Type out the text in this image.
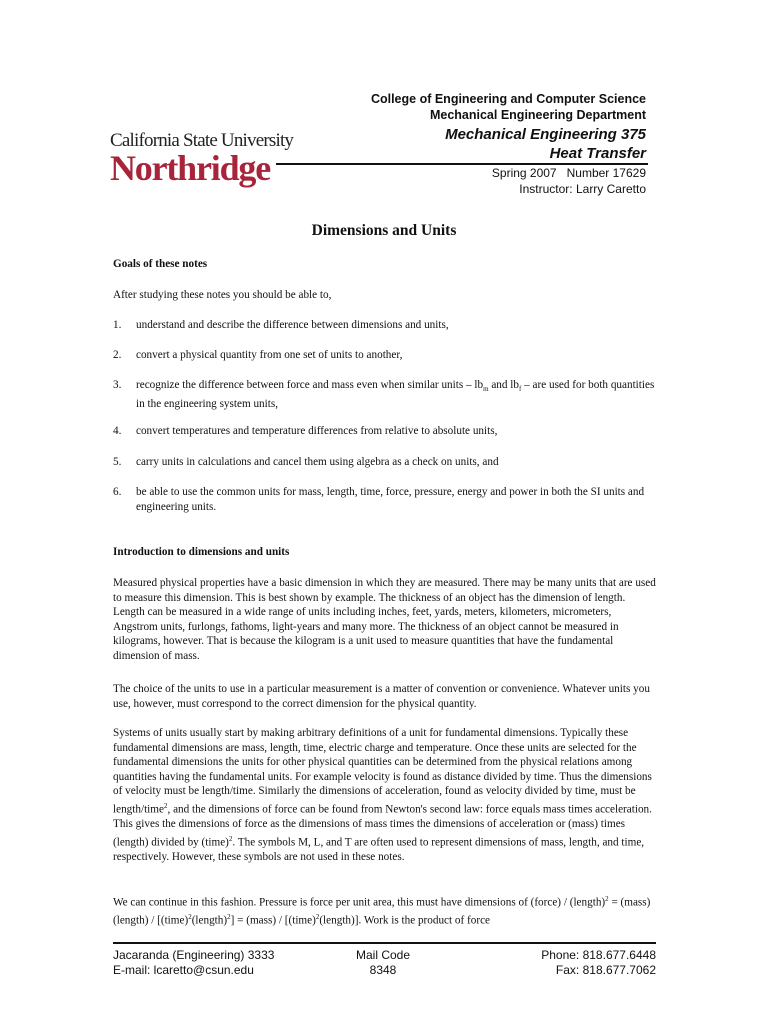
College of Engineering and Computer Science
Mechanical Engineering Department
California State University
Northridge
Mechanical Engineering 375
Heat Transfer
Spring 2007   Number 17629
Instructor: Larry Caretto
Dimensions and Units
Goals of these notes
After studying these notes you should be able to,
1. understand and describe the difference between dimensions and units,
2. convert a physical quantity from one set of units to another,
3. recognize the difference between force and mass even when similar units – $lb_m$ and $lb_f$ – are used for both quantities in the engineering system units,
4. convert temperatures and temperature differences from relative to absolute units,
5. carry units in calculations and cancel them using algebra as a check on units, and
6. be able to use the common units for mass, length, time, force, pressure, energy and power in both the SI units and engineering units.
Introduction to dimensions and units
Measured physical properties have a basic dimension in which they are measured. There may be many units that are used to measure this dimension. This is best shown by example. The thickness of an object has the dimension of length. Length can be measured in a wide range of units including inches, feet, yards, meters, kilometers, micrometers, Angstrom units, furlongs, fathoms, light-years and many more. The thickness of an object cannot be measured in kilograms, however. That is because the kilogram is a unit used to measure quantities that have the fundamental dimension of mass.
The choice of the units to use in a particular measurement is a matter of convention or convenience. Whatever units you use, however, must correspond to the correct dimension for the physical quantity.
Systems of units usually start by making arbitrary definitions of a unit for fundamental dimensions. Typically these fundamental dimensions are mass, length, time, electric charge and temperature. Once these units are selected for the fundamental dimensions the units for other physical quantities can be determined from the physical relations among quantities having the fundamental units. For example velocity is found as distance divided by time. Thus the dimensions of velocity must be length/time. Similarly the dimensions of acceleration, found as velocity divided by time, must be length/time$^2$, and the dimensions of force can be found from Newton's second law: force equals mass times acceleration. This gives the dimensions of force as the dimensions of mass times the dimensions of acceleration or (mass) times (length) divided by (time)$^2$. The symbols M, L, and T are often used to represent dimensions of mass, length, and time, respectively. However, these symbols are not used in these notes.
We can continue in this fashion. Pressure is force per unit area, this must have dimensions of (force) / (length)$^2$ = (mass) (length) / [(time)$^2$(length)$^2$] = (mass) / [(time)$^2$(length)]. Work is the product of force
Jacaranda (Engineering) 3333
E-mail: lcaretto@csun.edu
Mail Code
8348
Phone: 818.677.6448
Fax: 818.677.7062
